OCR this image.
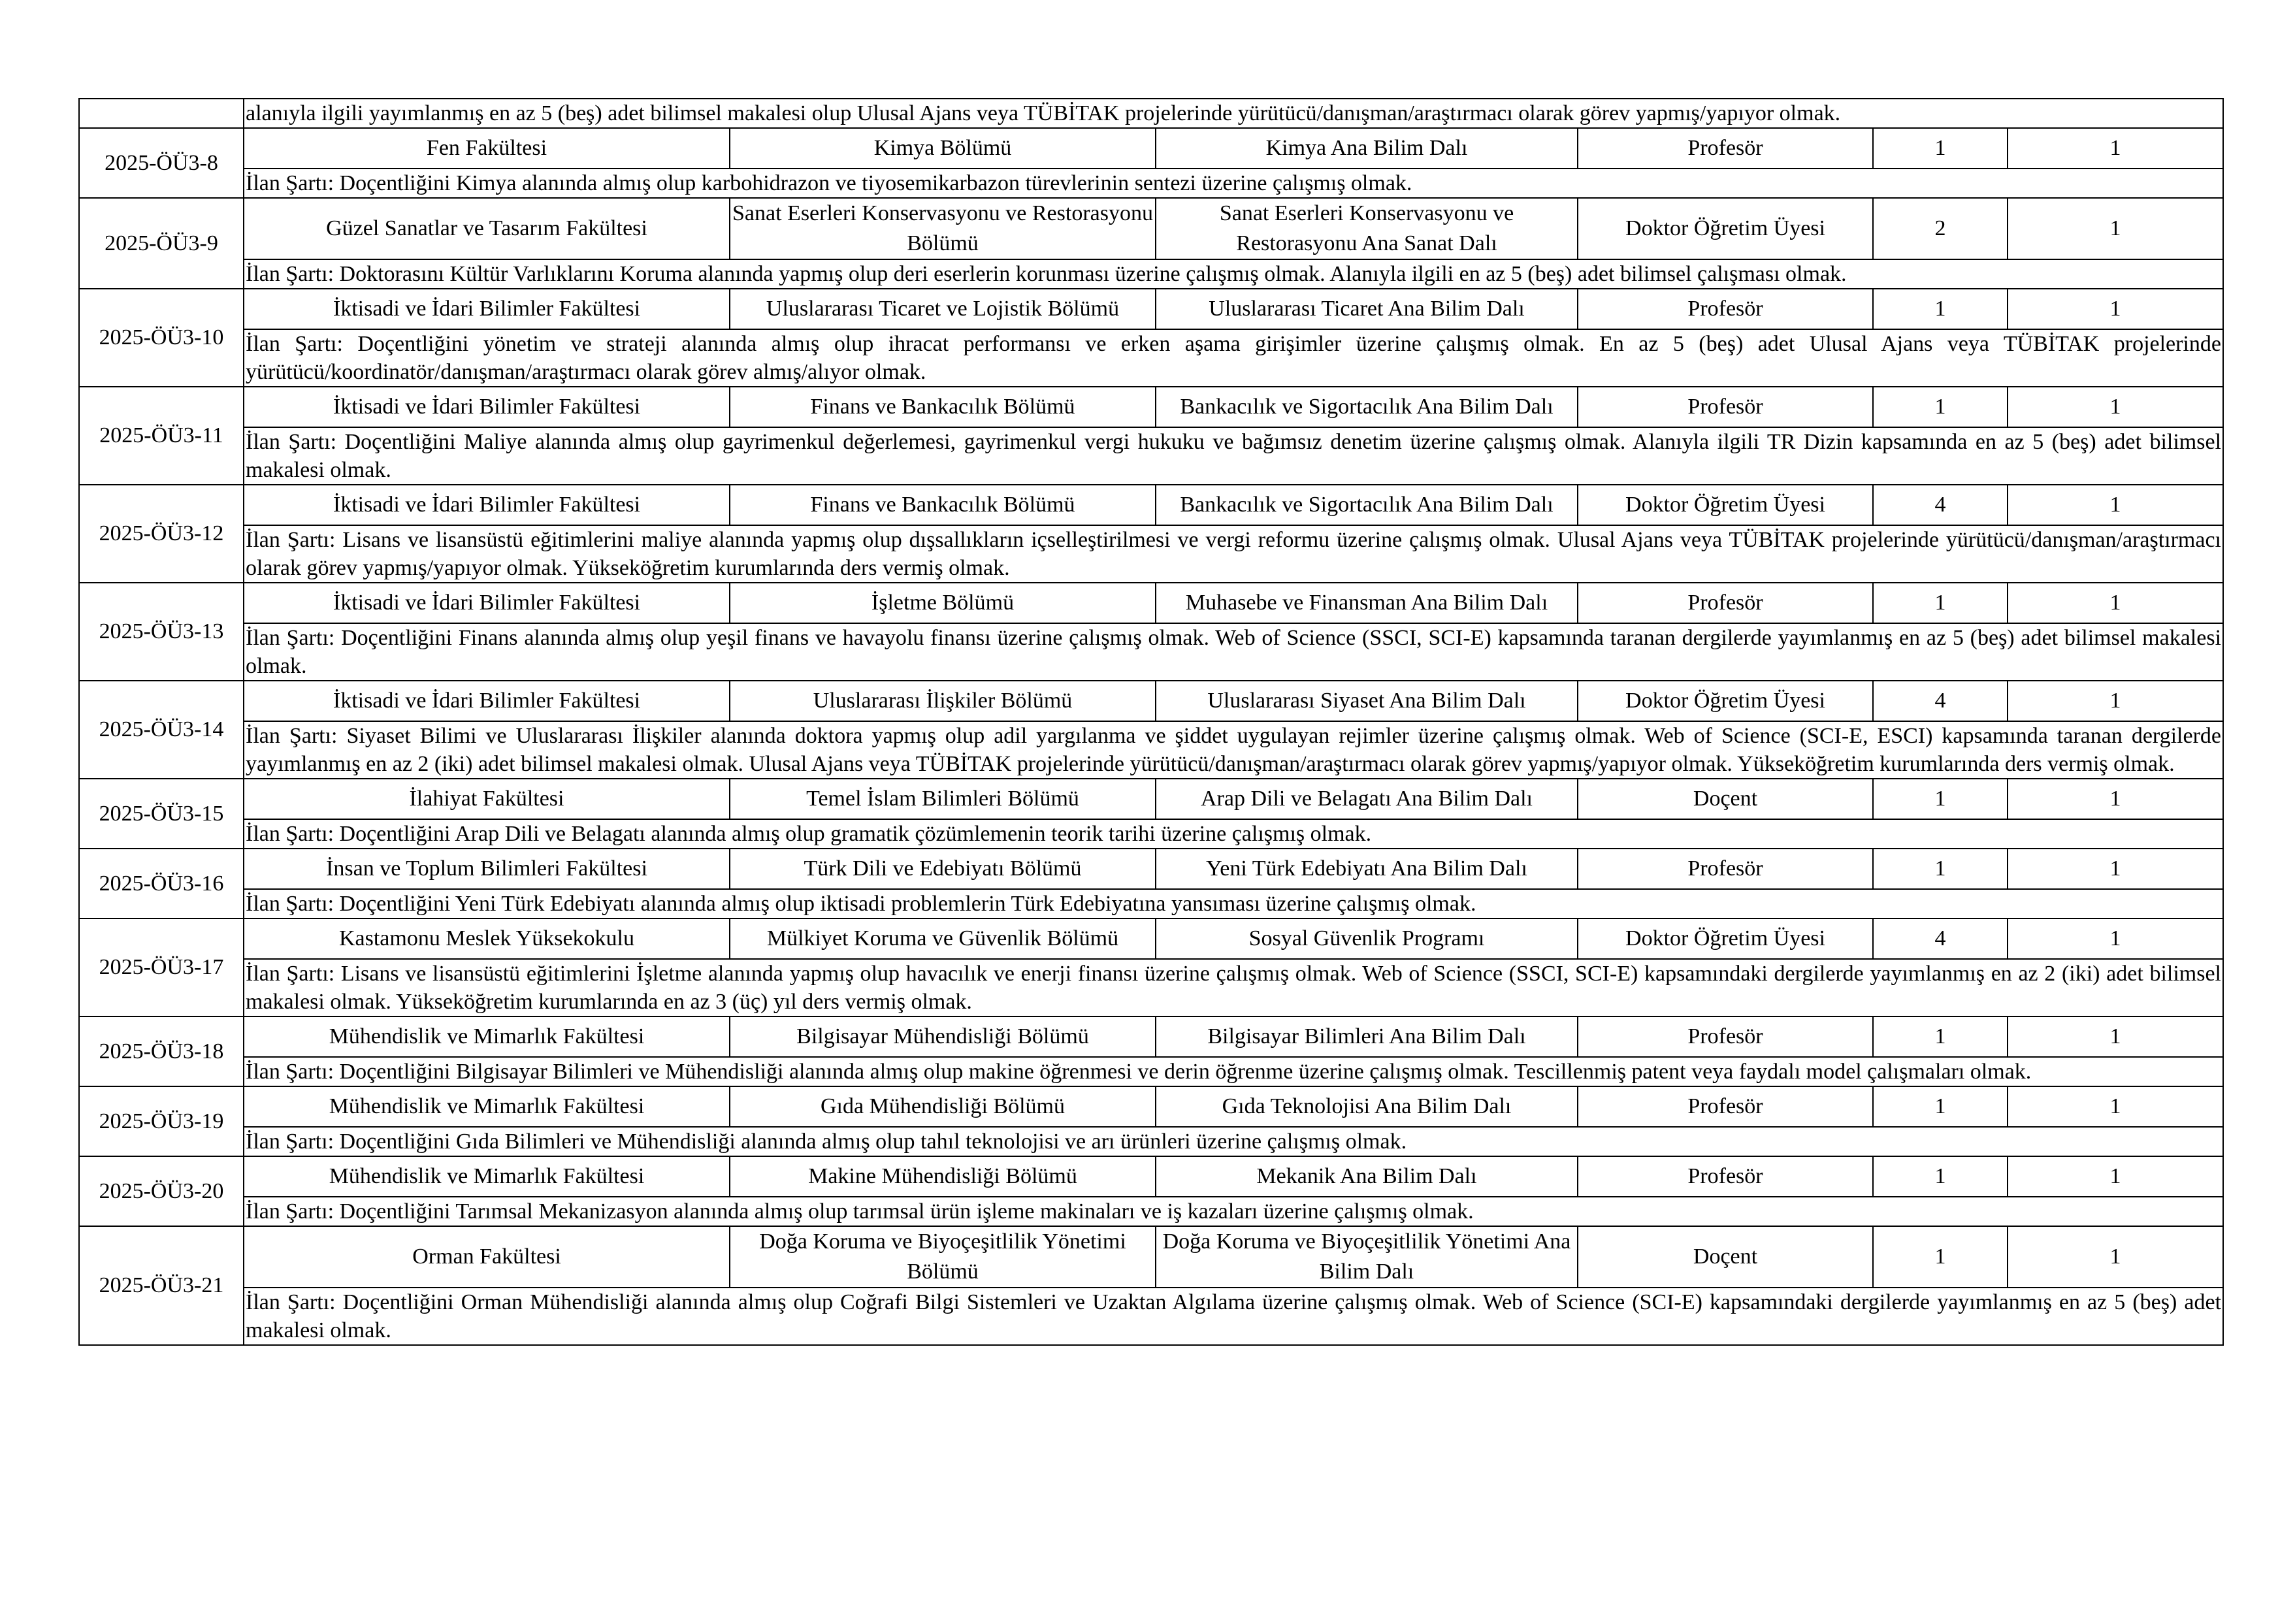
	alanıyla ilgili yayımlanmış en az 5 (beş) adet bilimsel makalesi olup Ulusal Ajans veya TÜBİTAK projelerinde yürütücü/danışman/araştırmacı olarak görev yapmış/yapıyor olmak.					
2025-ÖÜ3-8	Fen Fakültesi	Kimya Bölümü	Kimya Ana Bilim Dalı	Profesör	1	1
	İlan Şartı: Doçentliğini Kimya alanında almış olup karbohidrazon ve tiyosemikarbazon türevlerinin sentezi üzerine çalışmış olmak.					
2025-ÖÜ3-9	Güzel Sanatlar ve Tasarım Fakültesi	Sanat Eserleri Konservasyonu ve Restorasyonu Bölümü	Sanat Eserleri Konservasyonu ve Restorasyonu Ana Sanat Dalı	Doktor Öğretim Üyesi	2	1
	İlan Şartı: Doktorasını Kültür Varlıklarını Koruma alanında yapmış olup deri eserlerin korunması üzerine çalışmış olmak. Alanıyla ilgili en az 5 (beş) adet bilimsel çalışması olmak.					
2025-ÖÜ3-10	İktisadi ve İdari Bilimler Fakültesi	Uluslararası Ticaret ve Lojistik Bölümü	Uluslararası Ticaret Ana Bilim Dalı	Profesör	1	1
	İlan Şartı: Doçentliğini yönetim ve strateji alanında almış olup ihracat performansı ve erken aşama girişimler üzerine çalışmış olmak. En az 5 (beş) adet Ulusal Ajans veya TÜBİTAK projelerinde yürütücü/koordinatör/danışman/araştırmacı olarak görev almış/alıyor olmak.					
2025-ÖÜ3-11	İktisadi ve İdari Bilimler Fakültesi	Finans ve Bankacılık Bölümü	Bankacılık ve Sigortacılık Ana Bilim Dalı	Profesör	1	1
	İlan Şartı: Doçentliğini Maliye alanında almış olup gayrimenkul değerlemesi, gayrimenkul vergi hukuku ve bağımsız denetim üzerine çalışmış olmak. Alanıyla ilgili TR Dizin kapsamında en az 5 (beş) adet bilimsel makalesi olmak.					
2025-ÖÜ3-12	İktisadi ve İdari Bilimler Fakültesi	Finans ve Bankacılık Bölümü	Bankacılık ve Sigortacılık Ana Bilim Dalı	Doktor Öğretim Üyesi	4	1
	İlan Şartı: Lisans ve lisansüstü eğitimlerini maliye alanında yapmış olup dışsallıkların içselleştirilmesi ve vergi reformu üzerine çalışmış olmak. Ulusal Ajans veya TÜBİTAK projelerinde yürütücü/danışman/araştırmacı olarak görev yapmış/yapıyor olmak. Yükseköğretim kurumlarında ders vermiş olmak.					
2025-ÖÜ3-13	İktisadi ve İdari Bilimler Fakültesi	İşletme Bölümü	Muhasebe ve Finansman Ana Bilim Dalı	Profesör	1	1
	İlan Şartı: Doçentliğini Finans alanında almış olup yeşil finans ve havayolu finansı üzerine çalışmış olmak. Web of Science (SSCI, SCI-E) kapsamında taranan dergilerde yayımlanmış en az 5 (beş) adet bilimsel makalesi olmak.					
2025-ÖÜ3-14	İktisadi ve İdari Bilimler Fakültesi	Uluslararası İlişkiler Bölümü	Uluslararası Siyaset Ana Bilim Dalı	Doktor Öğretim Üyesi	4	1
	İlan Şartı: Siyaset Bilimi ve Uluslararası İlişkiler alanında doktora yapmış olup adil yargılanma ve şiddet uygulayan rejimler üzerine çalışmış olmak. Web of Science (SCI-E, ESCI) kapsamında taranan dergilerde yayımlanmış en az 2 (iki) adet bilimsel makalesi olmak. Ulusal Ajans veya TÜBİTAK projelerinde yürütücü/danışman/araştırmacı olarak görev yapmış/yapıyor olmak. Yükseköğretim kurumlarında ders vermiş olmak.					
2025-ÖÜ3-15	İlahiyat Fakültesi	Temel İslam Bilimleri Bölümü	Arap Dili ve Belagatı Ana Bilim Dalı	Doçent	1	1
	İlan Şartı: Doçentliğini Arap Dili ve Belagatı alanında almış olup gramatik çözümlemenin teorik tarihi üzerine çalışmış olmak.					
2025-ÖÜ3-16	İnsan ve Toplum Bilimleri Fakültesi	Türk Dili ve Edebiyatı Bölümü	Yeni Türk Edebiyatı Ana Bilim Dalı	Profesör	1	1
	İlan Şartı: Doçentliğini Yeni Türk Edebiyatı alanında almış olup iktisadi problemlerin Türk Edebiyatına yansıması üzerine çalışmış olmak.					
2025-ÖÜ3-17	Kastamonu Meslek Yüksekokulu	Mülkiyet Koruma ve Güvenlik Bölümü	Sosyal Güvenlik Programı	Doktor Öğretim Üyesi	4	1
	İlan Şartı: Lisans ve lisansüstü eğitimlerini İşletme alanında yapmış olup havacılık ve enerji finansı üzerine çalışmış olmak. Web of Science (SSCI, SCI-E) kapsamındaki dergilerde yayımlanmış en az 2 (iki) adet bilimsel makalesi olmak. Yükseköğretim kurumlarında en az 3 (üç) yıl ders vermiş olmak.					
2025-ÖÜ3-18	Mühendislik ve Mimarlık Fakültesi	Bilgisayar Mühendisliği Bölümü	Bilgisayar Bilimleri Ana Bilim Dalı	Profesör	1	1
	İlan Şartı: Doçentliğini Bilgisayar Bilimleri ve Mühendisliği alanında almış olup makine öğrenmesi ve derin öğrenme üzerine çalışmış olmak. Tescillenmiş patent veya faydalı model çalışmaları olmak.					
2025-ÖÜ3-19	Mühendislik ve Mimarlık Fakültesi	Gıda Mühendisliği Bölümü	Gıda Teknolojisi Ana Bilim Dalı	Profesör	1	1
	İlan Şartı: Doçentliğini Gıda Bilimleri ve Mühendisliği alanında almış olup tahıl teknolojisi ve arı ürünleri üzerine çalışmış olmak.					
2025-ÖÜ3-20	Mühendislik ve Mimarlık Fakültesi	Makine Mühendisliği Bölümü	Mekanik Ana Bilim Dalı	Profesör	1	1
	İlan Şartı: Doçentliğini Tarımsal Mekanizasyon alanında almış olup tarımsal ürün işleme makinaları ve iş kazaları üzerine çalışmış olmak.					
2025-ÖÜ3-21	Orman Fakültesi	Doğa Koruma ve Biyoçeşitlilik Yönetimi Bölümü	Doğa Koruma ve Biyoçeşitlilik Yönetimi Ana Bilim Dalı	Doçent	1	1
	İlan Şartı: Doçentliğini Orman Mühendisliği alanında almış olup Coğrafi Bilgi Sistemleri ve Uzaktan Algılama üzerine çalışmış olmak. Web of Science (SCI-E) kapsamındaki dergilerde yayımlanmış en az 5 (beş) adet makalesi olmak.					
